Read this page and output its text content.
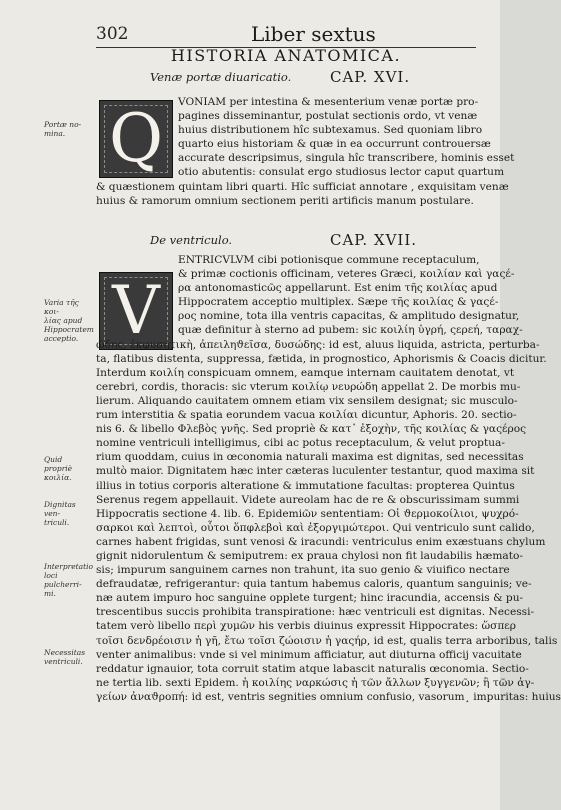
302	Liber sextus
HISTORIA ANATOMICA.
Venæ portæ diuaricatio.	CAP. XVI.
Q
Portæ no-
mina.
VONIAM per intestina & mesenterium venæ portæ pro-
pagines disseminantur, postulat sectionis ordo, vt venæ
huius distributionem hîc subtexamus. Sed quoniam libro
quarto eius historiam & quæ in ea occurrunt controuersæ
accurate descripsimus, singula hîc transcribere, hominis esset
otio abutentis: consulat ergo studiosus lector caput quartum
& quæstionem quintam libri quarti. Hîc sufficiat annotare , exquisitam venæ
huius & ramorum omnium sectionem periti artificis manum postulare.
De ventriculo.	CAP. XVII.
V
Varia τῆς κοι-
λίας apud
Hippocratem
acceptio.
Quid propriè
κοιλία.
Dignitas ven-
triculi.
Interpretatio
loci pulcherri-
mi.
Necessitas
ventriculi.
ENTRICVLVM cibi potionisque commune receptaculum,
& primæ coctionis officinam, veteres Græci, κοιλίαν καὶ γαςέ-
ρα antonomasticῶς appellarunt. Est enim τῆς κοιλίας apud
Hippocratem acceptio multiplex. Sæpe τῆς κοιλίας & γαςέ-
ρος nomine, tota illa ventris capacitas, & amplitudo designatur,
quæ definitur à sterno ad pubem: sic κοιλίη ὑγρή, ςερεή, ταραχ-
ώδης, ἐκφυσητικὴ, ἀπειληϑεῖσα, δυσώδης: id est, aluus liquida, astricta, perturba-
ta, flatibus distenta, suppressa, fætida, in prognostico, Aphorismis & Coacis dicitur.
Interdum κοιλίη conspicuam omnem, eamque internam cauitatem denotat, vt
cerebri, cordis, thoracis: sic vterum κοιλίῳ νευρώδη appellat 2. De morbis mu-
lierum. Aliquando cauitatem omnem etiam vix sensilem designat; sic musculo-
rum interstitia & spatia eorundem vacua κοιλίαι dicuntur, Aphoris. 20. sectio-
nis 6. & libello Φλεβὸς γνῆς. Sed propriè & κατ᾽ ἐξοχὴν, τῆς κοιλίας & γαςέρος
nomine ventriculi intelligimus, cibi ac potus receptaculum, & velut proptua-
rium quoddam, cuius in œconomia naturali maxima est dignitas, sed necessitas
multò maior. Dignitatem hæc inter cæteras luculenter testantur, quod maxima sit
illius in totius corporis alteratione & immutatione facultas: propterea Quintus
Serenus regem appellauit. Videte aureolam hac de re & obscurissimam summi
Hippocratis sectione 4. lib. 6. Epidemiῶν sententiam: Οἱ ϑερμοκοίλιοι, ψυχρό-
σαρκοι καὶ λεπτοὶ, οὗτοι ὅπφλεβοὶ καὶ ἐξοργιμώτεροι. Qui ventriculo sunt calido,
carnes habent frigidas, sunt venosi & iracundi: ventriculus enim exæstuans chylum
gignit nidorulentum & semiputrem: ex praua chylosi non fit laudabilis hæmato-
sis; impurum sanguinem carnes non trahunt, ita suo genio & viuifico nectare
defraudatæ, refrigerantur: quia tantum habemus caloris, quantum sanguinis; ve-
næ autem impuro hoc sanguine opplete turgent; hinc iracundia, accensis & pu-
trescentibus succis prohibita transpiratione: hæc ventriculi est dignitas. Necessi-
tatem verò libello περὶ χυμῶν his verbis diuinus expressit Hippocrates: ὥσπερ
τοῖσι δενδρέοισιν ἡ γῆ, ἔτω τοῖσι ζώοισιν ἡ γαςήρ, id est, qualis terra arboribus, talis
venter animalibus: vnde si vel minimum afficiatur, aut diuturna officij vacuitate
reddatur ignauior, tota corruit statim atque labascit naturalis œconomia. Sectio-
ne tertia lib. sexti Epidem. ἡ κοιλίης ναρκώσις ἡ τῶν ἄλλων ξυγγενῶν; ἢ τῶν ἀγ-
γείων ἀναϑροπή: id est, ventris segnities omnium confusio, vasorum¸ impuritas: huius
